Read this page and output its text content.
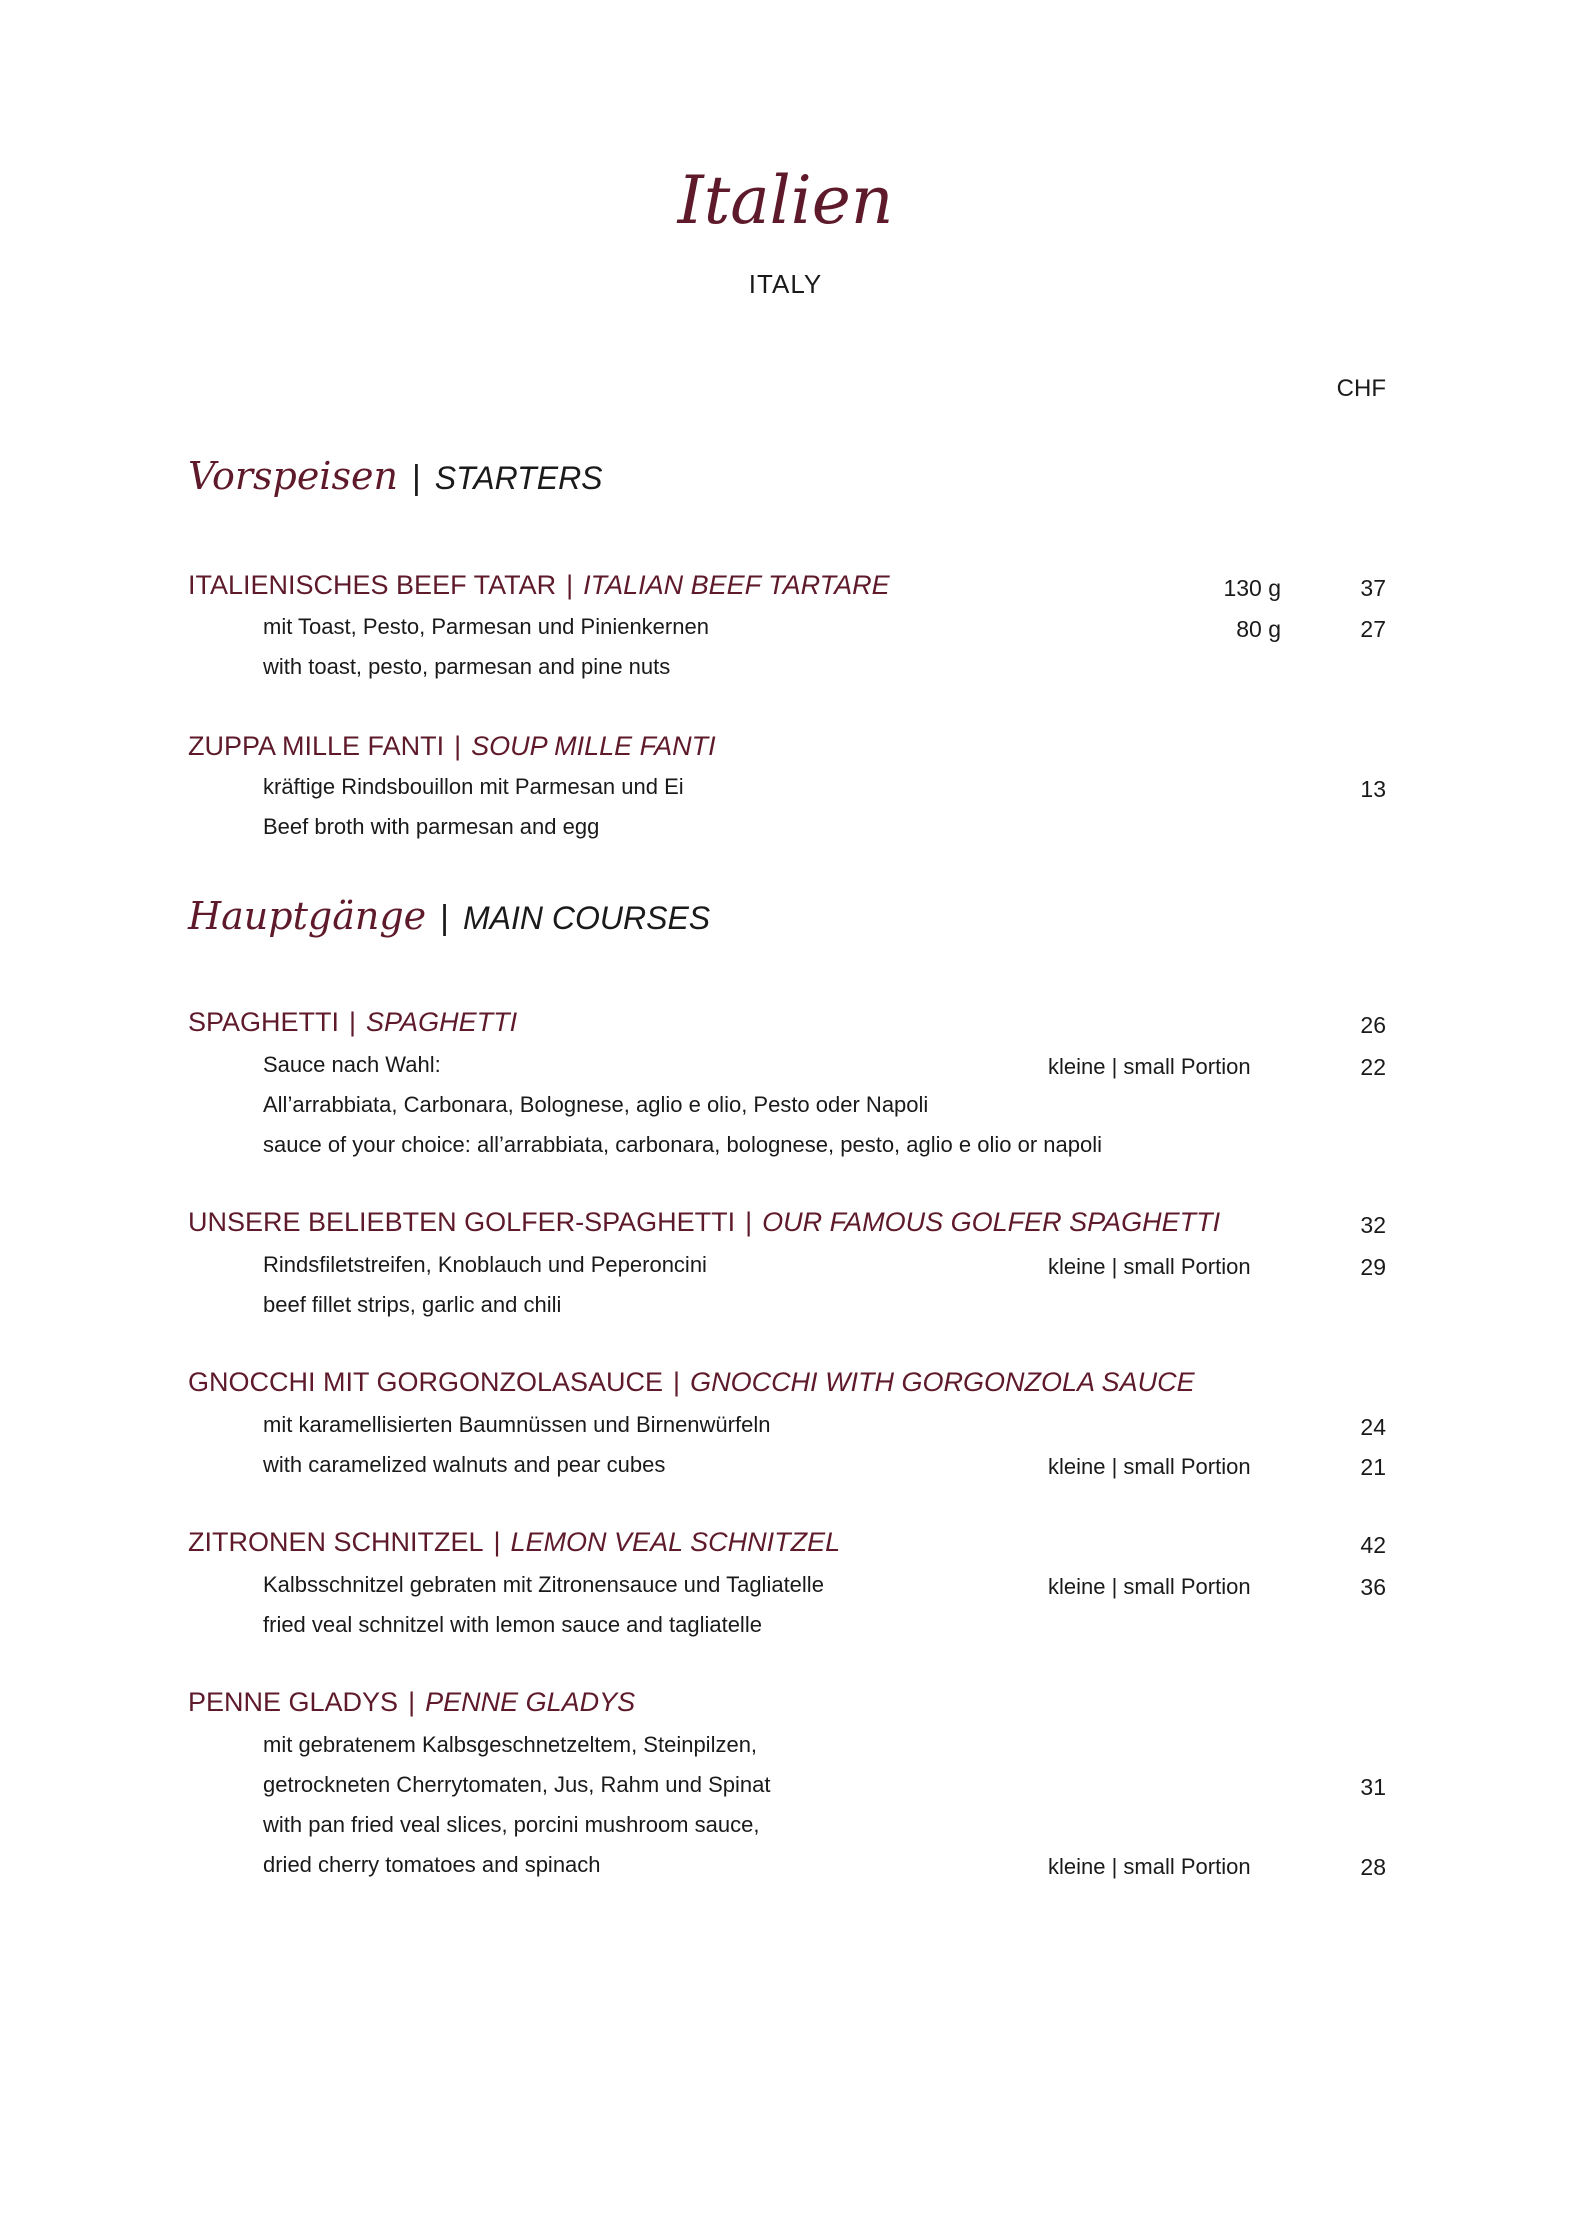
Italien
ITALY
CHF
Vorspeisen | STARTERS
ITALIENISCHES BEEF TATAR | ITALIAN BEEF TARTARE	130 g	37
mit Toast, Pesto, Parmesan und Pinienkernen	80 g	27
with toast, pesto, parmesan and pine nuts
ZUPPA MILLE FANTI | SOUP MILLE FANTI
kräftige Rindsbouillon mit Parmesan und Ei	13
Beef broth with parmesan and egg
Hauptgänge | MAIN COURSES
SPAGHETTI | SPAGHETTI	26
Sauce nach Wahl:	kleine | small Portion	22
All’arrabbiata, Carbonara, Bolognese, aglio e olio, Pesto oder Napoli
sauce of your choice: all’arrabbiata, carbonara, bolognese, pesto, aglio e olio or napoli
UNSERE BELIEBTEN GOLFER-SPAGHETTI | OUR FAMOUS GOLFER SPAGHETTI	32
Rindsfiletstreifen, Knoblauch und Peperoncini	kleine | small Portion	29
beef fillet strips, garlic and chili
GNOCCHI MIT GORGONZOLASAUCE | GNOCCHI WITH GORGONZOLA SAUCE
mit karamellisierten Baumnüssen und Birnenwürfeln	24
with caramelized walnuts and pear cubes	kleine | small Portion	21
ZITRONEN SCHNITZEL | LEMON VEAL SCHNITZEL	42
Kalbsschnitzel gebraten mit Zitronensauce und Tagliatelle	kleine | small Portion	36
fried veal schnitzel with lemon sauce and tagliatelle
PENNE GLADYS | PENNE GLADYS
mit gebratenem Kalbsgeschnetzeltem, Steinpilzen,
getrockneten Cherrytomaten, Jus, Rahm und Spinat	31
with pan fried veal slices, porcini mushroom sauce,
dried cherry tomatoes and spinach	kleine | small Portion	28
